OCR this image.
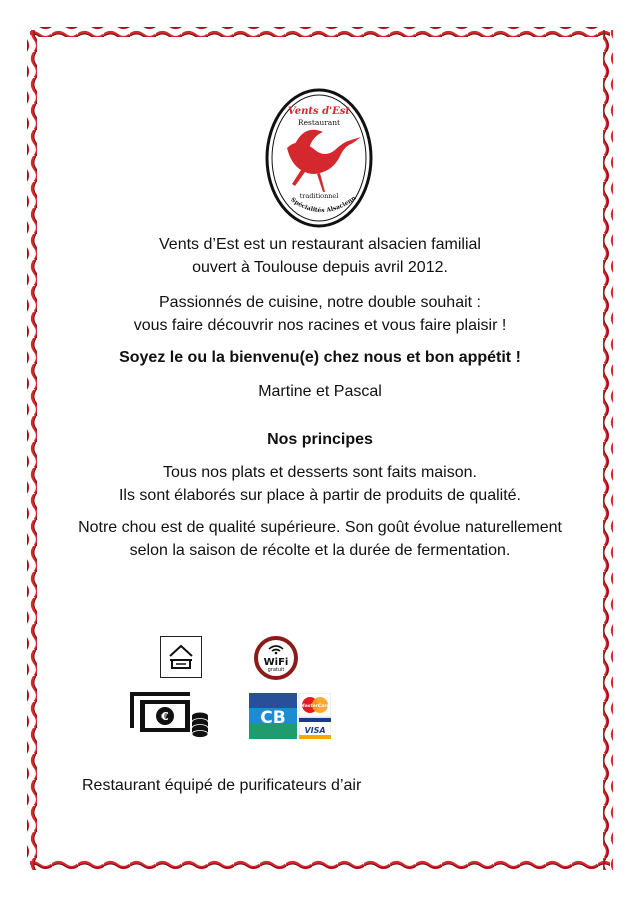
Vents d'Est
Restaurant
traditionnel
Spécialités Alsacienn

Vents d’Est est un restaurant alsacien familial

ouvert à Toulouse depuis avril 2012.

Passionnés de cuisine, notre double souhait :

vous faire découvrir nos racines et vous faire plaisir !

Soyez le ou la bienvenu(e) chez nous et bon appétit !

Martine et Pascal

Nos principes

Tous nos plats et desserts sont faits maison.

Ils sont élaborés sur place à partir de produits de qualité.

Notre chou est de qualité supérieure. Son goût évolue naturellement

selon la saison de récolte et la durée de fermentation.

WiFi
gratuit
€	CB
MasterCard
VISA
Restaurant équipé de purificateurs d’air
